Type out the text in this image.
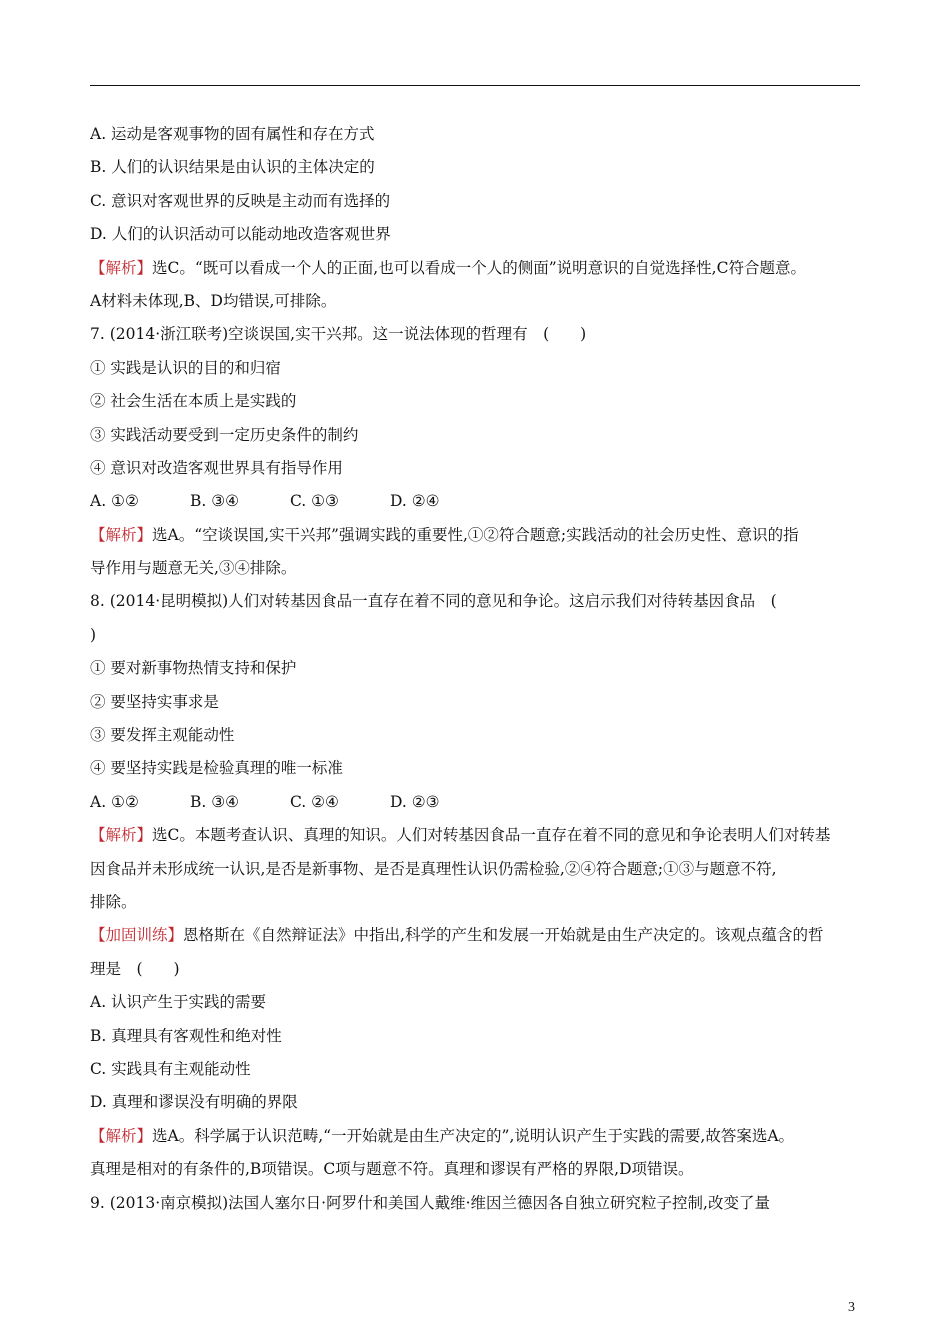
A. 运动是客观事物的固有属性和存在方式
B. 人们的认识结果是由认识的主体决定的
C. 意识对客观世界的反映是主动而有选择的
D. 人们的认识活动可以能动地改造客观世界
【解析】选C。“既可以看成一个人的正面,也可以看成一个人的侧面”说明意识的自觉选择性,C符合题意。
A材料未体现,B、D均错误,可排除。
7. (2014·浙江联考)空谈误国,实干兴邦。这一说法体现的哲理有　(　　)
① 实践是认识的目的和归宿
② 社会生活在本质上是实践的
③ 实践活动要受到一定历史条件的制约
④ 意识对改造客观世界具有指导作用
A. ①②	B. ③④	C. ①③	D. ②④
【解析】选A。“空谈误国,实干兴邦”强调实践的重要性,①②符合题意;实践活动的社会历史性、意识的指
导作用与题意无关,③④排除。
8. (2014·昆明模拟)人们对转基因食品一直存在着不同的意见和争论。这启示我们对待转基因食品　(
)
① 要对新事物热情支持和保护
② 要坚持实事求是
③ 要发挥主观能动性
④ 要坚持实践是检验真理的唯一标准
A. ①②	B. ③④	C. ②④	D. ②③
【解析】选C。本题考查认识、真理的知识。人们对转基因食品一直存在着不同的意见和争论表明人们对转基
因食品并未形成统一认识,是否是新事物、是否是真理性认识仍需检验,②④符合题意;①③与题意不符,
排除。
【加固训练】恩格斯在《自然辩证法》中指出,科学的产生和发展一开始就是由生产决定的。该观点蕴含的哲
理是　(　　)
A. 认识产生于实践的需要
B. 真理具有客观性和绝对性
C. 实践具有主观能动性
D. 真理和谬误没有明确的界限
【解析】选A。科学属于认识范畴,“一开始就是由生产决定的”,说明认识产生于实践的需要,故答案选A。
真理是相对的有条件的,B项错误。C项与题意不符。真理和谬误有严格的界限,D项错误。
9. (2013·南京模拟)法国人塞尔日·阿罗什和美国人戴维·维因兰德因各自独立研究粒子控制,改变了量
3
